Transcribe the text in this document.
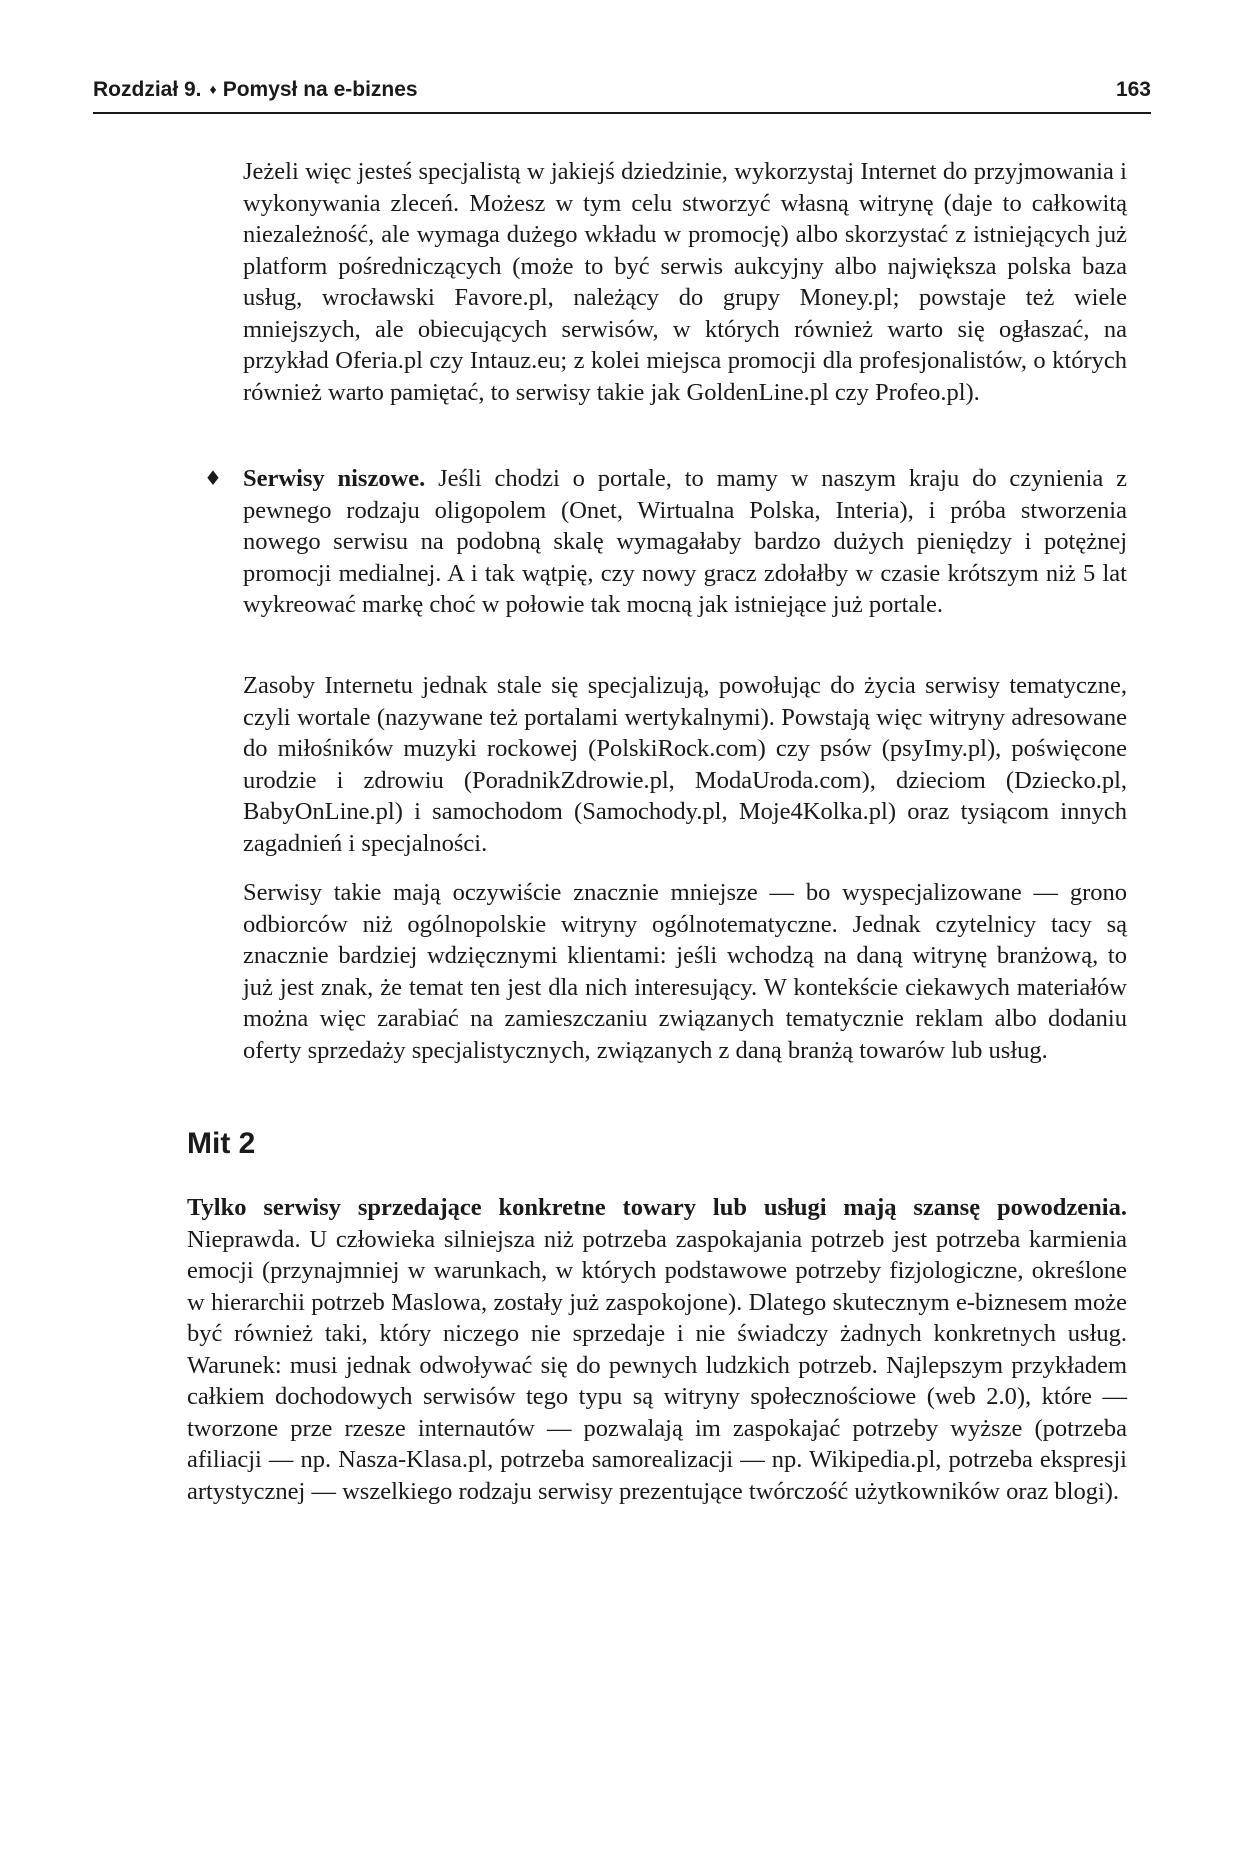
Rozdział 9. ♦ Pomysł na e-biznes	163

Jeżeli więc jesteś specjalistą w jakiejś dziedzinie, wykorzystaj Internet do przyjmowania i wykonywania zleceń. Możesz w tym celu stworzyć własną witrynę (daje to całkowitą niezależność, ale wymaga dużego wkładu w promocję) albo skorzystać z istniejących już platform pośredniczących (może to być serwis aukcyjny albo największa polska baza usług, wrocławski Favore.pl, należący do grupy Money.pl; powstaje też wiele mniejszych, ale obiecujących serwisów, w których również warto się ogłaszać, na przykład Oferia.pl czy Intauz.eu; z kolei miejsca promocji dla profesjonalistów, o których również warto pamiętać, to serwisy takie jak GoldenLine.pl czy Profeo.pl).

♦ Serwisy niszowe. Jeśli chodzi o portale, to mamy w naszym kraju do czynienia z pewnego rodzaju oligopolem (Onet, Wirtualna Polska, Interia), i próba stworzenia nowego serwisu na podobną skalę wymagałaby bardzo dużych pieniędzy i potężnej promocji medialnej. A i tak wątpię, czy nowy gracz zdołałby w czasie krótszym niż 5 lat wykreować markę choć w połowie tak mocną jak istniejące już portale.

Zasoby Internetu jednak stale się specjalizują, powołując do życia serwisy tematyczne, czyli wortale (nazywane też portalami wertykalnymi). Powstają więc witryny adresowane do miłośników muzyki rockowej (PolskiRock.com) czy psów (psyImy.pl), poświęcone urodzie i zdrowiu (PoradnikZdrowie.pl, ModaUroda.com), dzieciom (Dziecko.pl, BabyOnLine.pl) i samochodom (Samochody.pl, Moje4Kolka.pl) oraz tysiącom innych zagadnień i specjalności.

Serwisy takie mają oczywiście znacznie mniejsze — bo wyspecjalizowane — grono odbiorców niż ogólnopolskie witryny ogólnotematyczne. Jednak czytelnicy tacy są znacznie bardziej wdzięcznymi klientami: jeśli wchodzą na daną witrynę branżową, to już jest znak, że temat ten jest dla nich interesujący. W kontekście ciekawych materiałów można więc zarabiać na zamieszczaniu związanych tematycznie reklam albo dodaniu oferty sprzedaży specjalistycznych, związanych z daną branżą towarów lub usług.

Mit 2

Tylko serwisy sprzedające konkretne towary lub usługi mają szansę powodzenia. Nieprawda. U człowieka silniejsza niż potrzeba zaspokajania potrzeb jest potrzeba karmienia emocji (przynajmniej w warunkach, w których podstawowe potrzeby fizjologiczne, określone w hierarchii potrzeb Maslowa, zostały już zaspokojone). Dlatego skutecznym e-biznesem może być również taki, który niczego nie sprzedaje i nie świadczy żadnych konkretnych usług. Warunek: musi jednak odwoływać się do pewnych ludzkich potrzeb. Najlepszym przykładem całkiem dochodowych serwisów tego typu są witryny społecznościowe (web 2.0), które — tworzone prze rzesze internautów — pozwalają im zaspokajać potrzeby wyższe (potrzeba afiliacji — np. Nasza-Klasa.pl, potrzeba samorealizacji — np. Wikipedia.pl, potrzeba ekspresji artystycznej — wszelkiego rodzaju serwisy prezentujące twórczość użytkowników oraz blogi).
